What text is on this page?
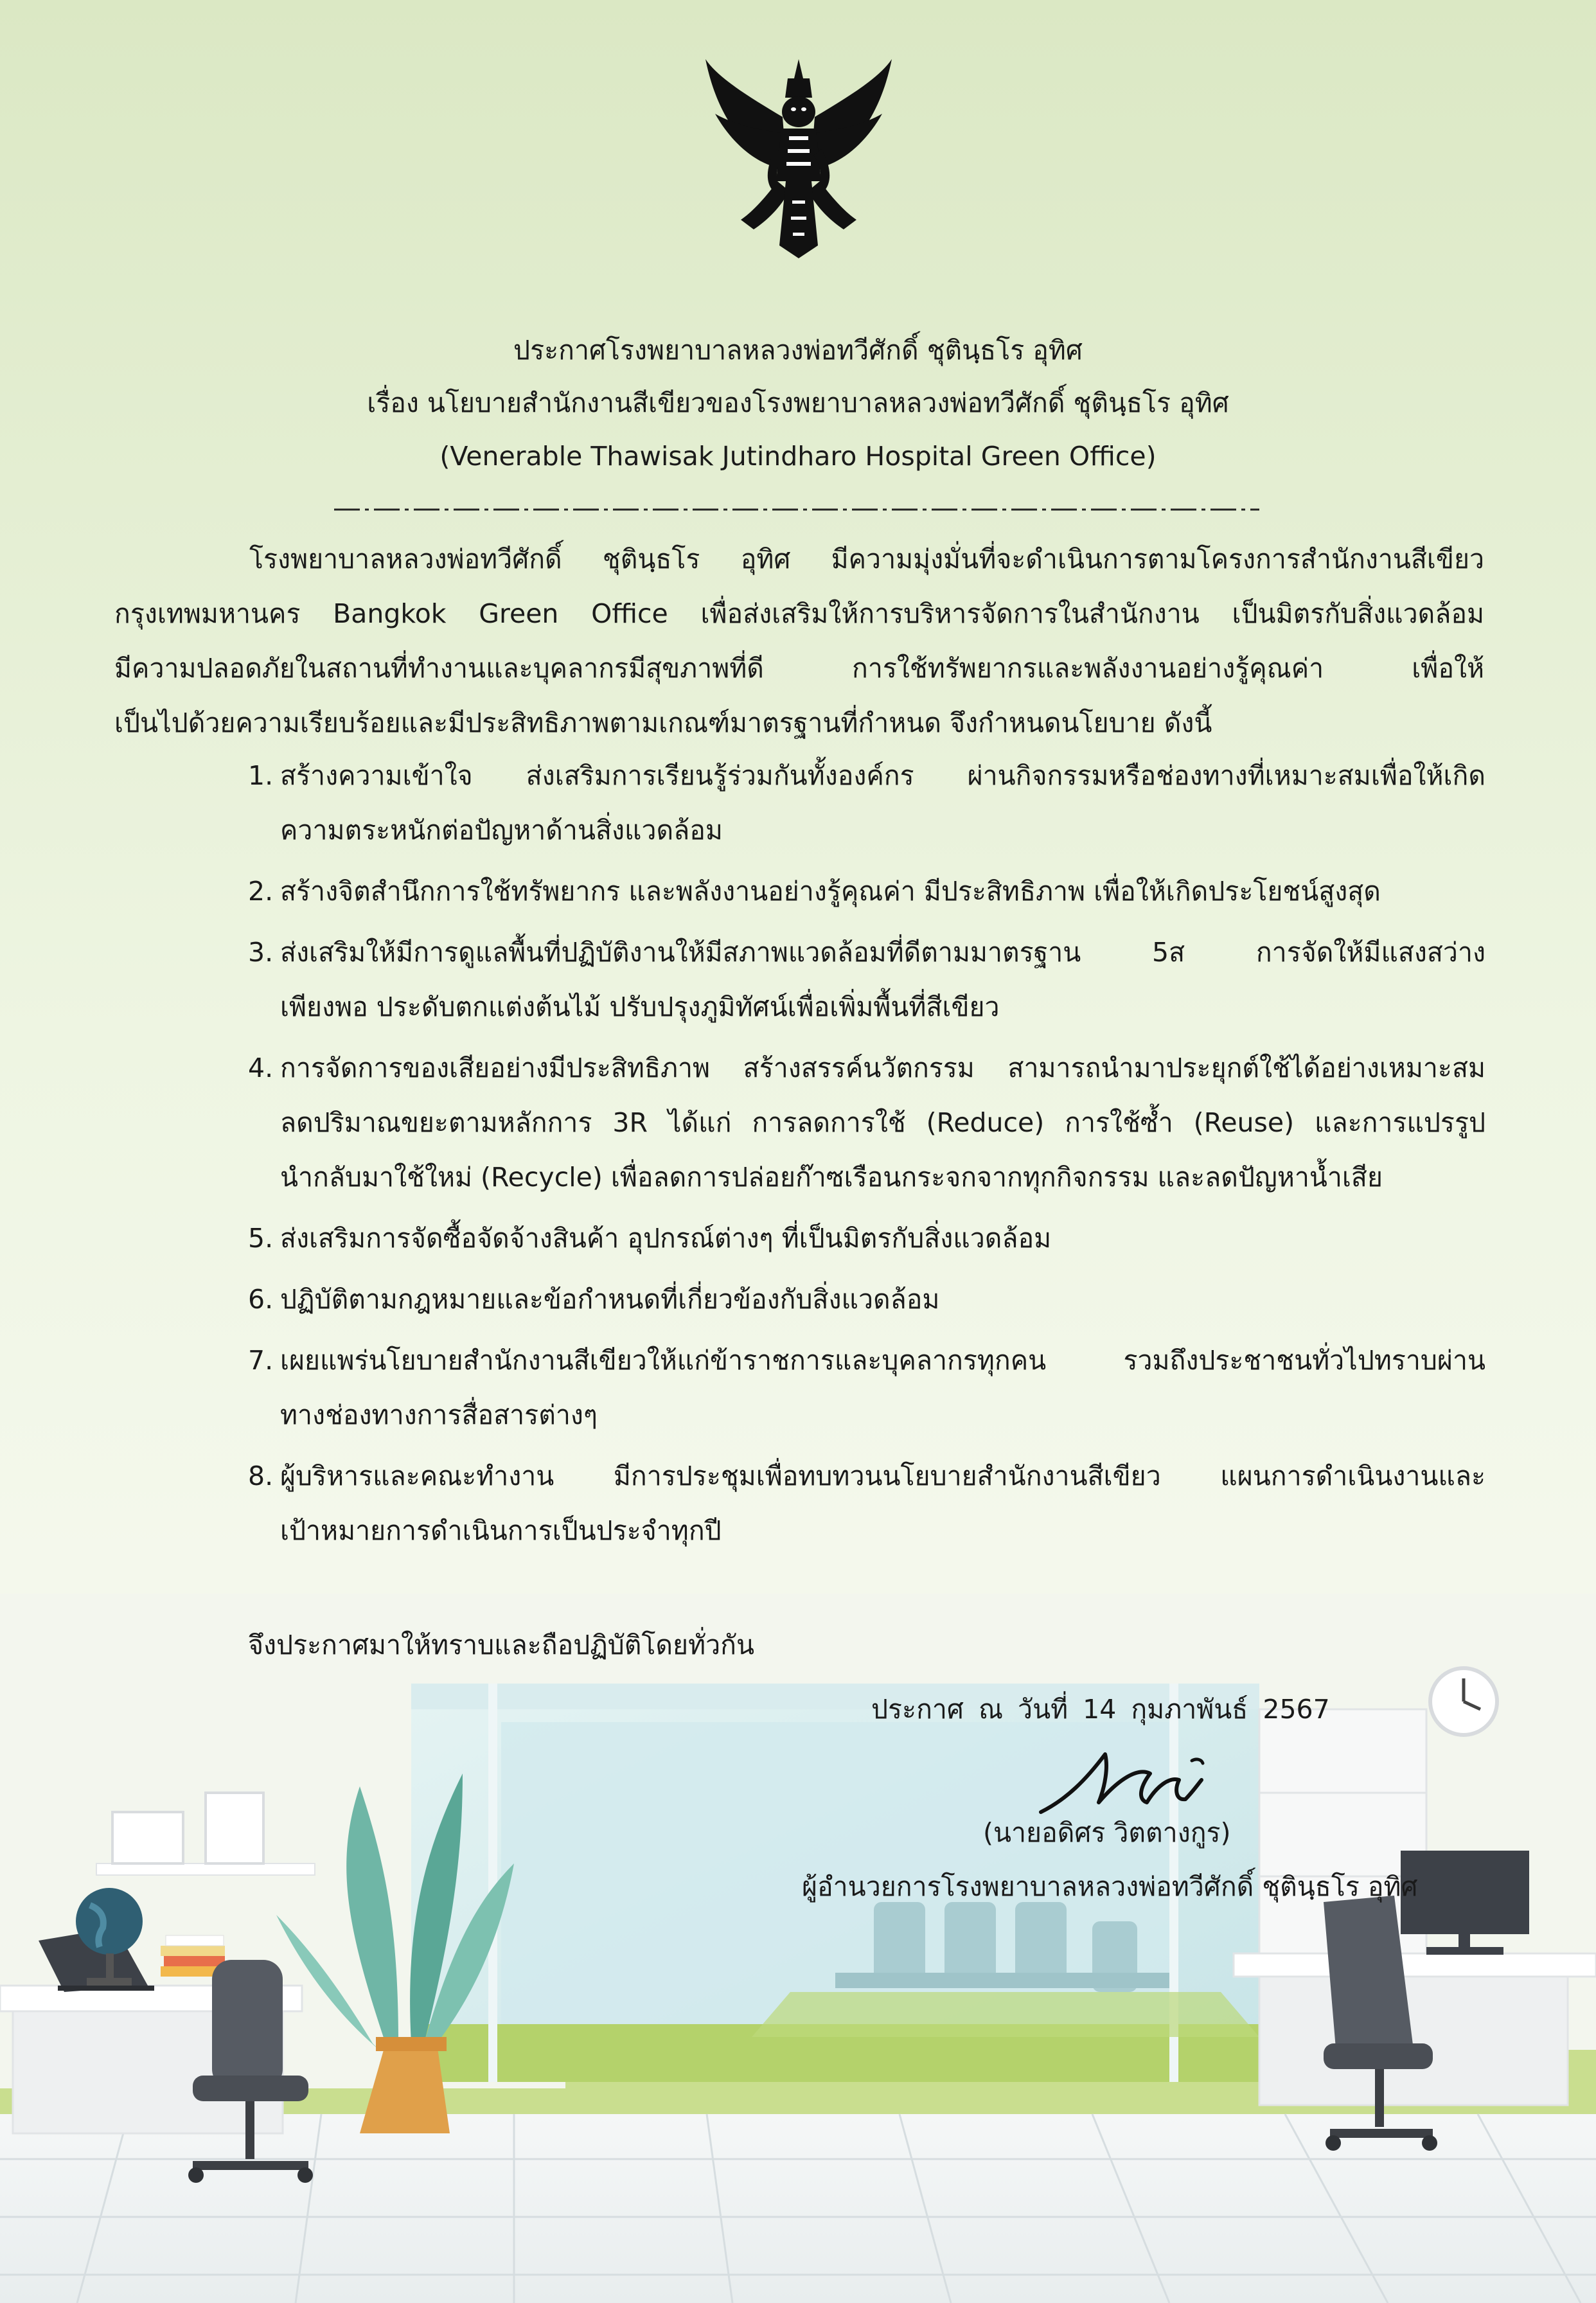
ประกาศโรงพยาบาลหลวงพ่อทวีศักดิ์ ชุตินฺธโร อุทิศ
เรื่อง นโยบายสำนักงานสีเขียวของโรงพยาบาลหลวงพ่อทวีศักดิ์ ชุตินฺธโร อุทิศ
(Venerable Thawisak Jutindharo Hospital Green Office)
โรงพยาบาลหลวงพ่อทวีศักดิ์ ชุตินฺธโร อุทิศ มีความมุ่งมั่นที่จะดำเนินการตามโครงการสำนักงานสีเขียว
กรุงเทพมหานคร Bangkok Green Office เพื่อส่งเสริมให้การบริหารจัดการในสำนักงาน เป็นมิตรกับสิ่งแวดล้อม
มีความปลอดภัยในสถานที่ทำงานและบุคลากรมีสุขภาพที่ดี การใช้ทรัพยากรและพลังงานอย่างรู้คุณค่า เพื่อให้
เป็นไปด้วยความเรียบร้อยและมีประสิทธิภาพตามเกณฑ์มาตรฐานที่กำหนด จึงกำหนดนโยบาย ดังนี้
1. สร้างความเข้าใจ ส่งเสริมการเรียนรู้ร่วมกันทั้งองค์กร ผ่านกิจกรรมหรือช่องทางที่เหมาะสมเพื่อให้เกิด
ความตระหนักต่อปัญหาด้านสิ่งแวดล้อม
2. สร้างจิตสำนึกการใช้ทรัพยากร และพลังงานอย่างรู้คุณค่า มีประสิทธิภาพ เพื่อให้เกิดประโยชน์สูงสุด
3. ส่งเสริมให้มีการดูแลพื้นที่ปฏิบัติงานให้มีสภาพแวดล้อมที่ดีตามมาตรฐาน 5ส การจัดให้มีแสงสว่าง
เพียงพอ ประดับตกแต่งต้นไม้ ปรับปรุงภูมิทัศน์เพื่อเพิ่มพื้นที่สีเขียว
4. การจัดการของเสียอย่างมีประสิทธิภาพ สร้างสรรค์นวัตกรรม สามารถนำมาประยุกต์ใช้ได้อย่างเหมาะสม
ลดปริมาณขยะตามหลักการ 3R ได้แก่ การลดการใช้ (Reduce) การใช้ซ้ำ (Reuse) และการแปรรูป
นำกลับมาใช้ใหม่ (Recycle) เพื่อลดการปล่อยก๊าซเรือนกระจกจากทุกกิจกรรม และลดปัญหาน้ำเสีย
5. ส่งเสริมการจัดซื้อจัดจ้างสินค้า อุปกรณ์ต่างๆ ที่เป็นมิตรกับสิ่งแวดล้อม
6. ปฏิบัติตามกฎหมายและข้อกำหนดที่เกี่ยวข้องกับสิ่งแวดล้อม
7. เผยแพร่นโยบายสำนักงานสีเขียวให้แก่ข้าราชการและบุคลากรทุกคน รวมถึงประชาชนทั่วไปทราบผ่าน
ทางช่องทางการสื่อสารต่างๆ
8. ผู้บริหารและคณะทำงาน มีการประชุมเพื่อทบทวนนโยบายสำนักงานสีเขียว แผนการดำเนินงานและ
เป้าหมายการดำเนินการเป็นประจำทุกปี
จึงประกาศมาให้ทราบและถือปฏิบัติโดยทั่วกัน
ประกาศ ณ วันที่ 14 กุมภาพันธ์ 2567
(นายอดิศร วิตตางกูร)
ผู้อำนวยการโรงพยาบาลหลวงพ่อทวีศักดิ์ ชุตินฺธโร อุทิศ
